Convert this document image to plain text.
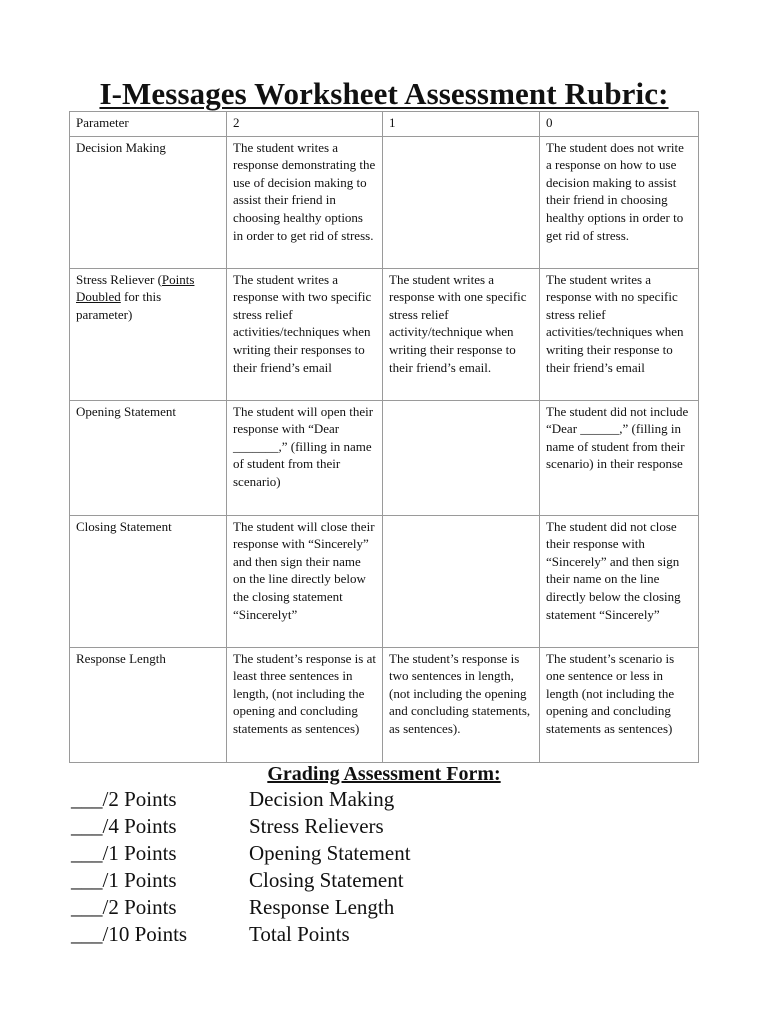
I-Messages Worksheet Assessment Rubric:
Parameter	2	1	0
Decision Making	The student writes a response demonstrating the use of decision making to assist their friend in choosing healthy options in order to get rid of stress.		The student does not write a response on how to use decision making to assist their friend in choosing healthy options in order to get rid of stress.
Stress Reliever (Points Doubled for this parameter)	The student writes a response with two specific stress relief activities/techniques when writing their responses to their friend’s email	The student writes a response with one specific stress relief activity/technique when writing their response to their friend’s email.	The student writes a response with no specific stress relief activities/techniques when writing their response to their friend’s email
Opening Statement	The student will open their response with “Dear _______,” (filling in name of student from their scenario)		The student did not include “Dear ______,” (filling in name of student from their scenario) in their response
Closing Statement	The student will close their response with “Sincerely” and then sign their name on the line directly below the closing statement “Sincerelyt”		The student did not close their response with “Sincerely” and then sign their name on the line directly below the closing statement “Sincerely”
Response Length	The student’s response is at least three sentences in length, (not including the opening and concluding statements as sentences)	The student’s response is two sentences in length, (not including the opening and concluding statements, as sentences).	The student’s scenario is one sentence or less in length (not including the opening and concluding statements as sentences)
Grading Assessment Form:
___/2 Points	Decision Making
___/4 Points	Stress Relievers
___/1 Points	Opening Statement
___/1 Points	Closing Statement
___/2 Points	Response Length
___/10 Points	Total Points
